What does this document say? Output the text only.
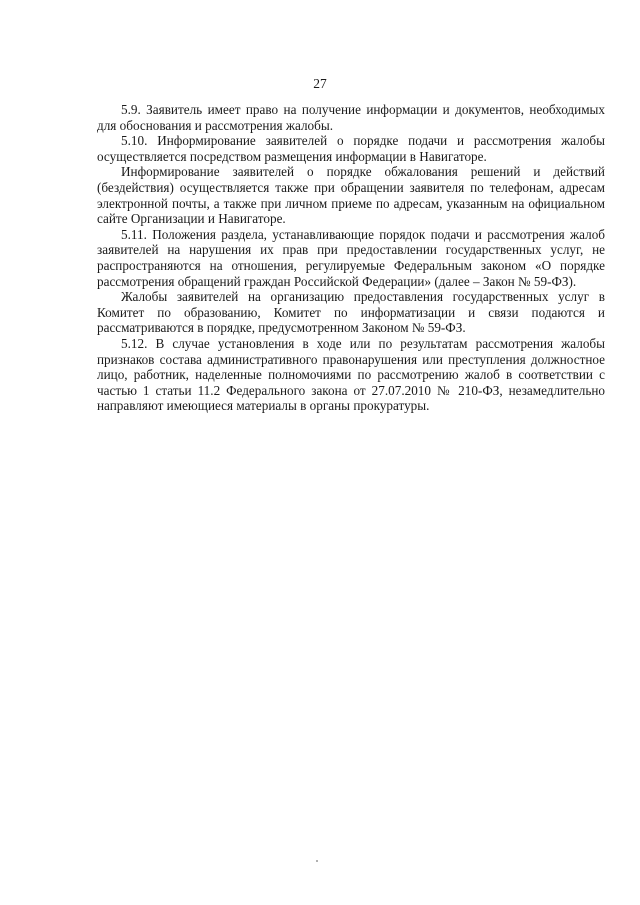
27

5.9. Заявитель имеет право на получение информации и документов, необходимых для обоснования и рассмотрения жалобы.

5.10. Информирование заявителей о порядке подачи и рассмотрения жалобы осуществляется посредством размещения информации в Навигаторе.

Информирование заявителей о порядке обжалования решений и действий (бездействия) осуществляется также при обращении заявителя по телефонам, адресам электронной почты, а также при личном приеме по адресам, указанным на официальном сайте Организации и Навигаторе.

5.11. Положения раздела, устанавливающие порядок подачи и рассмотрения жалоб заявителей на нарушения их прав при предоставлении государственных услуг, не распространяются на отношения, регулируемые Федеральным законом «О порядке рассмотрения обращений граждан Российской Федерации» (далее – Закон № 59-ФЗ).

Жалобы заявителей на организацию предоставления государственных услуг в Комитет по образованию, Комитет по информатизации и связи подаются и рассматриваются в порядке, предусмотренном Законом № 59-ФЗ.

5.12. В случае установления в ходе или по результатам рассмотрения жалобы признаков состава административного правонарушения или преступления должностное лицо, работник, наделенные полномочиями по рассмотрению жалоб в соответствии с частью 1 статьи 11.2 Федерального закона от 27.07.2010 № 210-ФЗ, незамедлительно направляют имеющиеся материалы в органы прокуратуры.
